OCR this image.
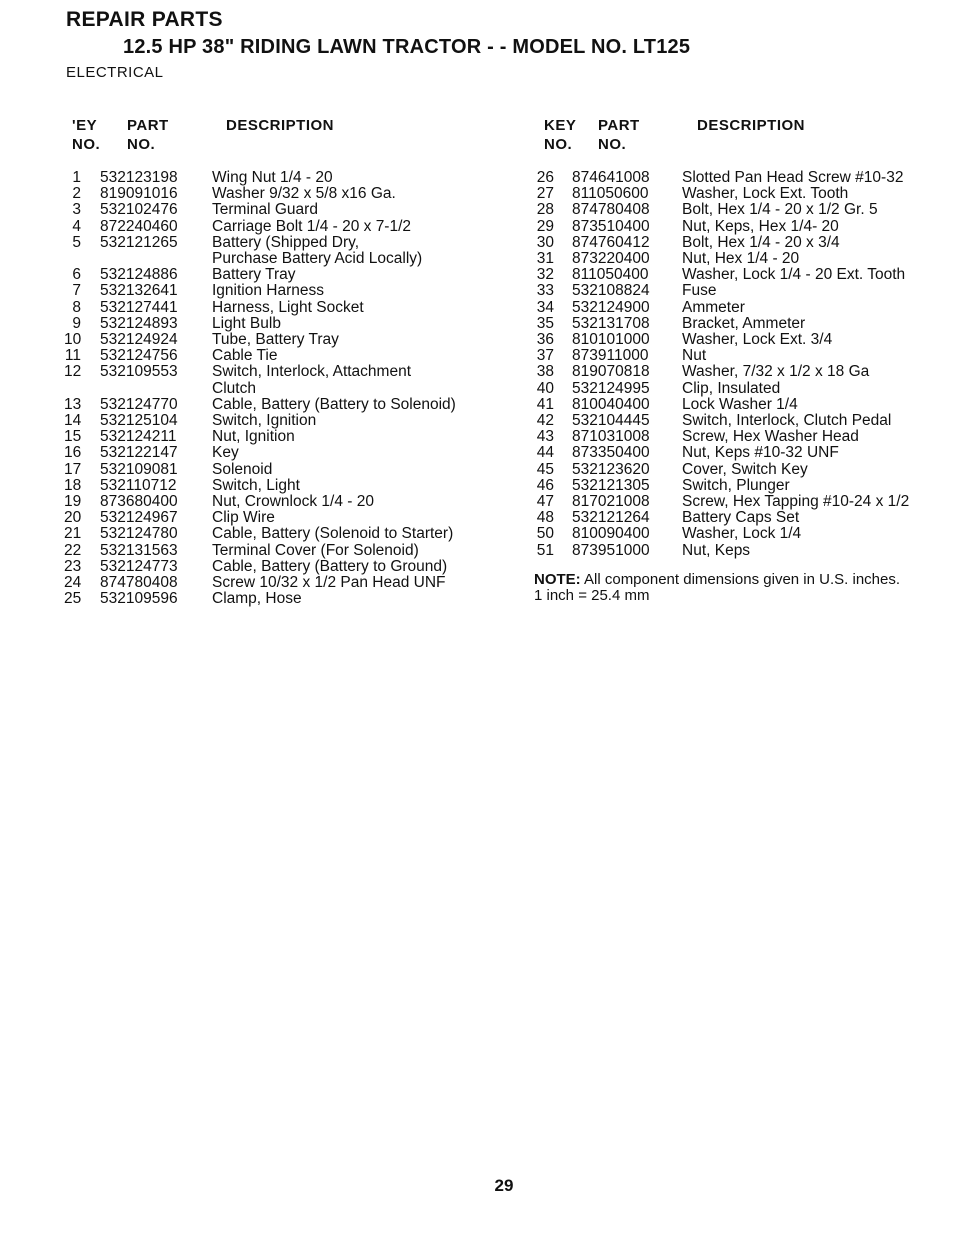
REPAIR PARTS
12.5 HP 38" RIDING LAWN TRACTOR - - MODEL NO. LT125
ELECTRICAL
'EY
NO.
PART
NO.
DESCRIPTION	KEY
NO.
PART
NO.
DESCRIPTION
1 532123198 Wing Nut 1/4 - 20
2 819091016 Washer 9/32 x 5/8 x16 Ga.
3 532102476 Terminal Guard
4 872240460 Carriage Bolt 1/4 - 20 x 7-1/2
5 532121265 Battery (Shipped Dry,
Purchase Battery Acid Locally)
6 532124886 Battery Tray
7 532132641 Ignition Harness
8 532127441 Harness, Light Socket
9 532124893 Light Bulb
10 532124924 Tube, Battery Tray
11 532124756 Cable Tie
12 532109553 Switch, Interlock, Attachment
Clutch
13 532124770 Cable, Battery (Battery to Solenoid)
14 532125104 Switch, Ignition
15 532124211 Nut, Ignition
16 532122147 Key
17 532109081 Solenoid
18 532110712 Switch, Light
19 873680400 Nut, Crownlock 1/4 - 20
20 532124967 Clip Wire
21 532124780 Cable, Battery (Solenoid to Starter)
22 532131563 Terminal Cover (For Solenoid)
23 532124773 Cable, Battery (Battery to Ground)
24 874780408 Screw 10/32 x 1/2 Pan Head UNF
25 532109596 Clamp, Hose
26 874641008 Slotted Pan Head Screw #10-32
27 811050600 Washer, Lock Ext. Tooth
28 874780408 Bolt, Hex 1/4 - 20 x 1/2 Gr. 5
29 873510400 Nut, Keps, Hex 1/4- 20
30 874760412 Bolt, Hex 1/4 - 20 x 3/4
31 873220400 Nut, Hex 1/4 - 20
32 811050400 Washer, Lock 1/4 - 20 Ext. Tooth
33 532108824 Fuse
34 532124900 Ammeter
35 532131708 Bracket, Ammeter
36 810101000 Washer, Lock Ext. 3/4
37 873911000 Nut
38 819070818 Washer, 7/32 x 1/2 x 18 Ga
40 532124995 Clip, Insulated
41 810040400 Lock Washer 1/4
42 532104445 Switch, Interlock, Clutch Pedal
43 871031008 Screw, Hex Washer Head
44 873350400 Nut, Keps #10-32 UNF
45 532123620 Cover, Switch Key
46 532121305 Switch, Plunger
47 817021008 Screw, Hex Tapping #10-24 x 1/2
48 532121264 Battery Caps Set
50 810090400 Washer, Lock 1/4
51 873951000 Nut, Keps
NOTE: All component dimensions given in U.S. inches.
1 inch = 25.4 mm
29
